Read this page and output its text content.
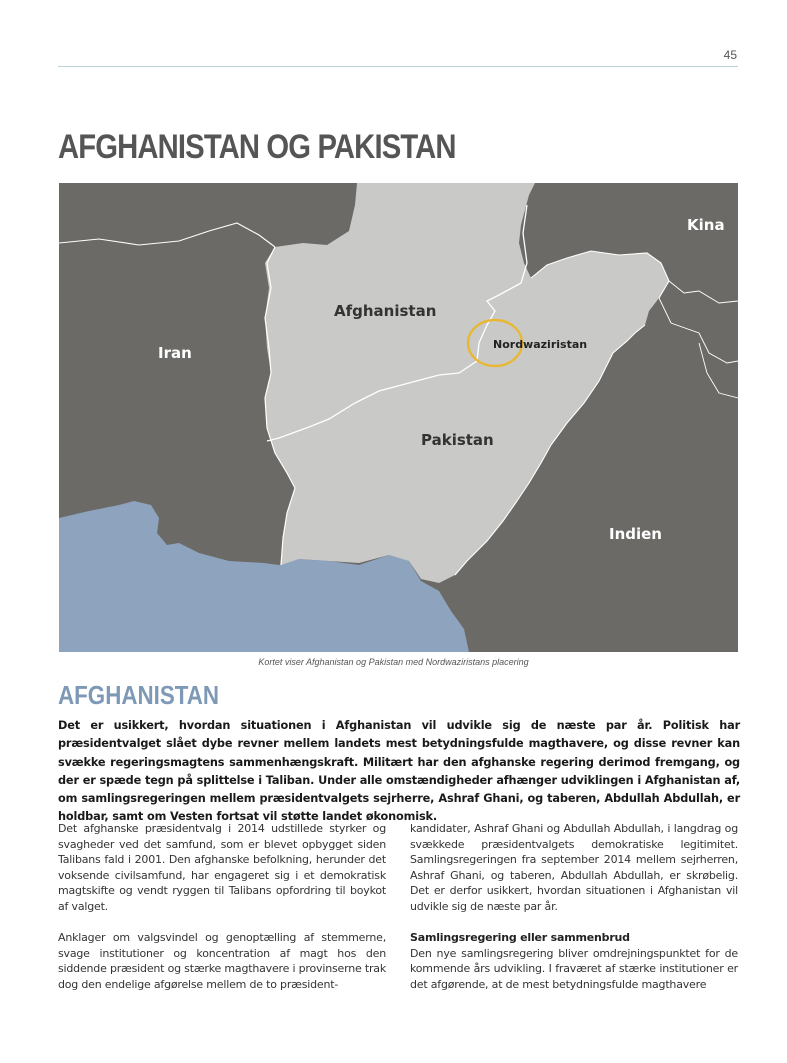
45
AFGHANISTAN OG PAKISTAN
Kina
Afghanistan
Iran	Nordwaziristan
Pakistan
Indien
Kortet viser Afghanistan og Pakistan med Nordwaziristans placering
AFGHANISTAN

Det er usikkert, hvordan situationen i Afghanistan vil udvikle sig de næste par år. Politisk har præsidentvalget slået dybe revner mellem landets mest betydningsfulde magthavere, og disse revner kan svække regeringsmagtens sammenhængskraft. Militært har den afghanske regering derimod fremgang, og der er spæde tegn på splittelse i Taliban. Under alle omstændigheder afhænger udviklingen i Afghanistan af, om samlingsregeringen mellem præsidentvalgets sejrherre, Ashraf Ghani, og taberen, Abdullah Abdullah, er holdbar, samt om Vesten fortsat vil støtte landet økonomisk.

Det afghanske præsidentvalg i 2014 udstillede styrker og svagheder ved det samfund, som er blevet opbygget siden Talibans fald i 2001. Den afghanske befolkning, herunder det voksende civilsamfund, har engageret sig i et demokratisk magtskifte og vendt ryggen til Talibans opfordring til boykot af valget.

Anklager om valgsvindel og genoptælling af stemmerne, svage institutioner og koncentration af magt hos den siddende præsident og stærke magthavere i provinserne trak dog den endelige afgørelse mellem de to præsident-

kandidater, Ashraf Ghani og Abdullah Abdullah, i langdrag og svækkede præsidentvalgets demokratiske legitimitet. Samlingsregeringen fra september 2014 mellem sejrherren, Ashraf Ghani, og taberen, Abdullah Abdullah, er skrøbelig. Det er derfor usikkert, hvordan situationen i Afghanistan vil udvikle sig de næste par år.

Samlingsregering eller sammenbrud

Den nye samlingsregering bliver omdrejningspunktet for de kommende års udvikling. I fraværet af stærke institutioner er det afgørende, at de mest betydningsfulde magthavere
